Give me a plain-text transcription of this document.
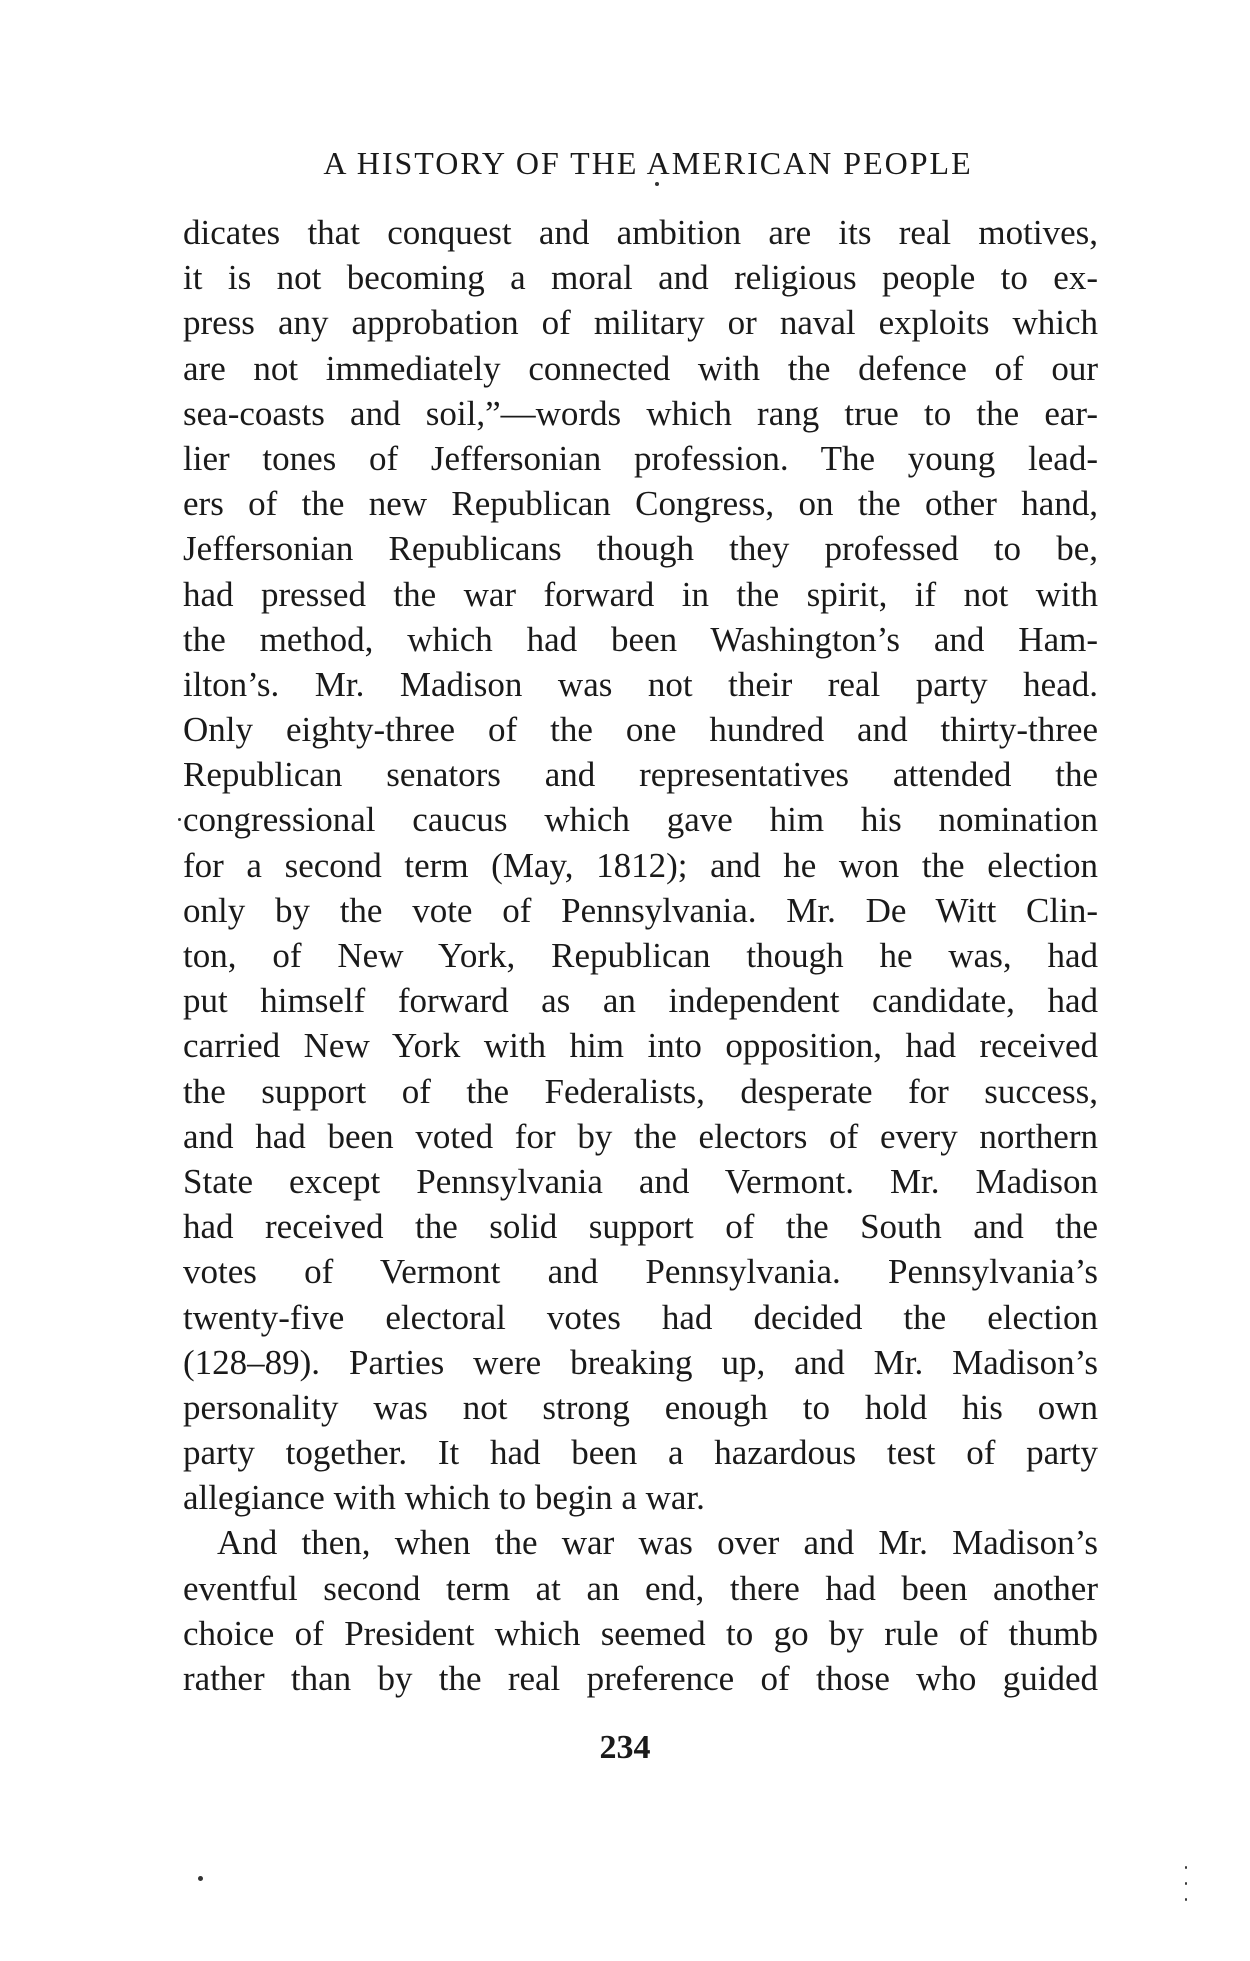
A HISTORY OF THE AMERICAN PEOPLE
dicates that conquest and ambition are its real motives,
it is not becoming a moral and religious people to ex-
press any approbation of military or naval exploits which
are not immediately connected with the defence of our
sea-coasts and soil,”—words which rang true to the ear-
lier tones of Jeffersonian profession. The young lead-
ers of the new Republican Congress, on the other hand,
Jeffersonian Republicans though they professed to be,
had pressed the war forward in the spirit, if not with
the method, which had been Washington’s and Ham-
ilton’s. Mr. Madison was not their real party head.
Only eighty-three of the one hundred and thirty-three
Republican senators and representatives attended the
congressional caucus which gave him his nomination
for a second term (May, 1812); and he won the election
only by the vote of Pennsylvania. Mr. De Witt Clin-
ton, of New York, Republican though he was, had
put himself forward as an independent candidate, had
carried New York with him into opposition, had received
the support of the Federalists, desperate for success,
and had been voted for by the electors of every northern
State except Pennsylvania and Vermont. Mr. Madison
had received the solid support of the South and the
votes of Vermont and Pennsylvania. Pennsylvania’s
twenty-five electoral votes had decided the election
(128–89). Parties were breaking up, and Mr. Madison’s
personality was not strong enough to hold his own
party together. It had been a hazardous test of party
allegiance with which to begin a war.
And then, when the war was over and Mr. Madison’s
eventful second term at an end, there had been another
choice of President which seemed to go by rule of thumb
rather than by the real preference of those who guided
234
